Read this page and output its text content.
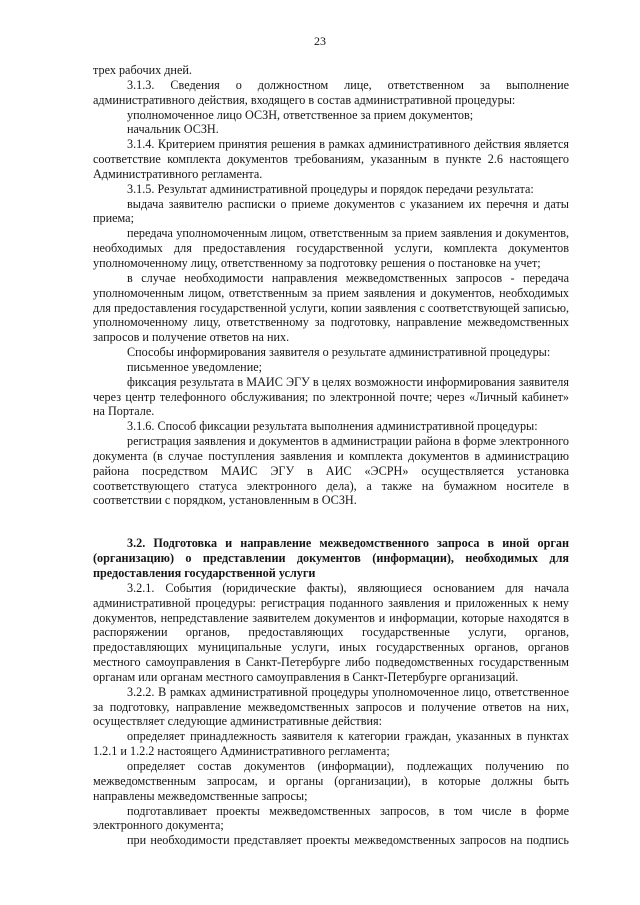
23

трех рабочих дней.

3.1.3. Сведения о должностном лице, ответственном за выполнение административного действия, входящего в состав административной процедуры:

уполномоченное лицо ОСЗН, ответственное за прием документов;

начальник ОСЗН.

3.1.4. Критерием принятия решения в рамках административного действия является соответствие комплекта документов требованиям, указанным в пункте 2.6 настоящего Административного регламента.

3.1.5. Результат административной процедуры и порядок передачи результата:

выдача заявителю расписки о приеме документов с указанием их перечня и даты приема;

передача уполномоченным лицом, ответственным за прием заявления и документов, необходимых для предоставления государственной услуги, комплекта документов уполномоченному лицу, ответственному за подготовку решения о постановке на учет;

в случае необходимости направления межведомственных запросов - передача уполномоченным лицом, ответственным за прием заявления и документов, необходимых для предоставления государственной услуги, копии заявления с соответствующей записью, уполномоченному лицу, ответственному за подготовку, направление межведомственных запросов и получение ответов на них.

Способы информирования заявителя о результате административной процедуры:

письменное уведомление;

фиксация результата в МАИС ЭГУ в целях возможности информирования заявителя через центр телефонного обслуживания; по электронной почте; через «Личный кабинет» на Портале.

3.1.6. Способ фиксации результата выполнения административной процедуры:

регистрация заявления и документов в администрации района в форме электронного документа (в случае поступления заявления и комплекта документов в администрацию района посредством МАИС ЭГУ в АИС «ЭСРН» осуществляется установка соответствующего статуса электронного дела), а также на бумажном носителе в соответствии с порядком, установленным в ОСЗН.

3.2. Подготовка и направление межведомственного запроса в иной орган (организацию) о представлении документов (информации), необходимых для предоставления государственной услуги

3.2.1. События (юридические факты), являющиеся основанием для начала административной процедуры: регистрация поданного заявления и приложенных к нему документов, непредставление заявителем документов и информации, которые находятся в распоряжении органов, предоставляющих государственные услуги, органов, предоставляющих муниципальные услуги, иных государственных органов, органов местного самоуправления в Санкт-Петербурге либо подведомственных государственным органам или органам местного самоуправления в Санкт-Петербурге организаций.

3.2.2. В рамках административной процедуры уполномоченное лицо, ответственное за подготовку, направление межведомственных запросов и получение ответов на них, осуществляет следующие административные действия:

определяет принадлежность заявителя к категории граждан, указанных в пунктах 1.2.1 и 1.2.2 настоящего Административного регламента;

определяет состав документов (информации), подлежащих получению по межведомственным запросам, и органы (организации), в которые должны быть направлены межведомственные запросы;

подготавливает проекты межведомственных запросов, в том числе в форме электронного документа;

при необходимости представляет проекты межведомственных запросов на подпись
